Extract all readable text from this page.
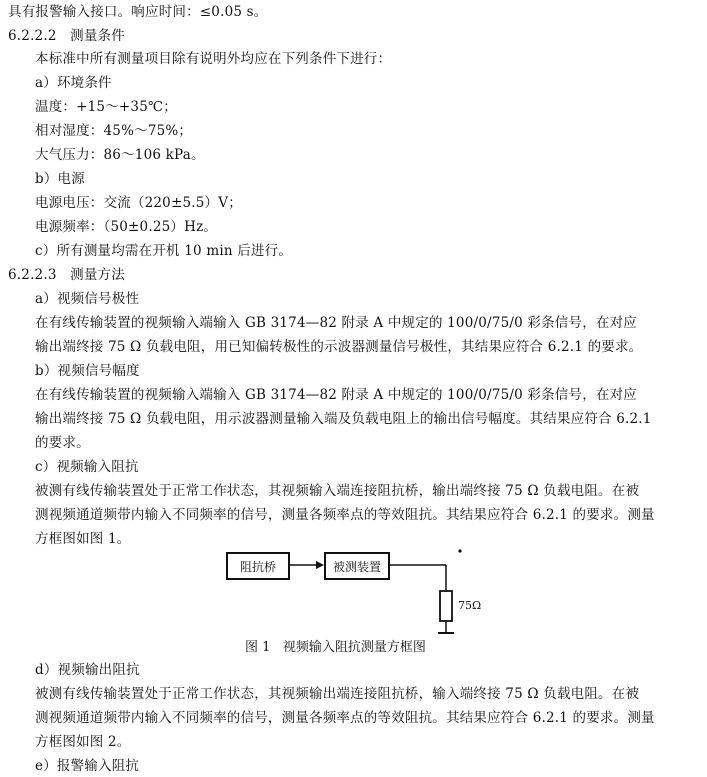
具有报警输入接口。响应时间：≤0.05 s。
6.2.2.2 测量条件
本标准中所有测量项目除有说明外均应在下列条件下进行：
a）环境条件
温度：+15～+35℃；
相对湿度：45%～75%；
大气压力：86～106 kPa。
b）电源
电源电压：交流（220±5.5）V；
电源频率：（50±0.25）Hz。
c）所有测量均需在开机 10 min 后进行。
6.2.2.3 测量方法
a）视频信号极性
在有线传输装置的视频输入端输入 GB 3174—82 附录 A 中规定的 100/0/75/0 彩条信号，在对应
输出端终接 75 Ω 负载电阻，用已知偏转极性的示波器测量信号极性，其结果应符合 6.2.1 的要求。
b）视频信号幅度
在有线传输装置的视频输入端输入 GB 3174—82 附录 A 中规定的 100/0/75/0 彩条信号，在对应
输出端终接 75 Ω 负载电阻，用示波器测量输入端及负载电阻上的输出信号幅度。其结果应符合 6.2.1
的要求。
c）视频输入阻抗
被测有线传输装置处于正常工作状态，其视频输入端连接阻抗桥，输出端终接 75 Ω 负载电阻。在被
测视频通道频带内输入不同频率的信号，测量各频率点的等效阻抗。其结果应符合 6.2.1 的要求。测量
方框图如图 1。
阻抗桥	被测装置
75Ω
图 1 视频输入阻抗测量方框图
d）视频输出阻抗
被测有线传输装置处于正常工作状态，其视频输出端连接阻抗桥，输入端终接 75 Ω 负载电阻。在被
测视频通道频带内输入不同频率的信号，测量各频率点的等效阻抗。其结果应符合 6.2.1 的要求。测量
方框图如图 2。
e）报警输入阻抗
